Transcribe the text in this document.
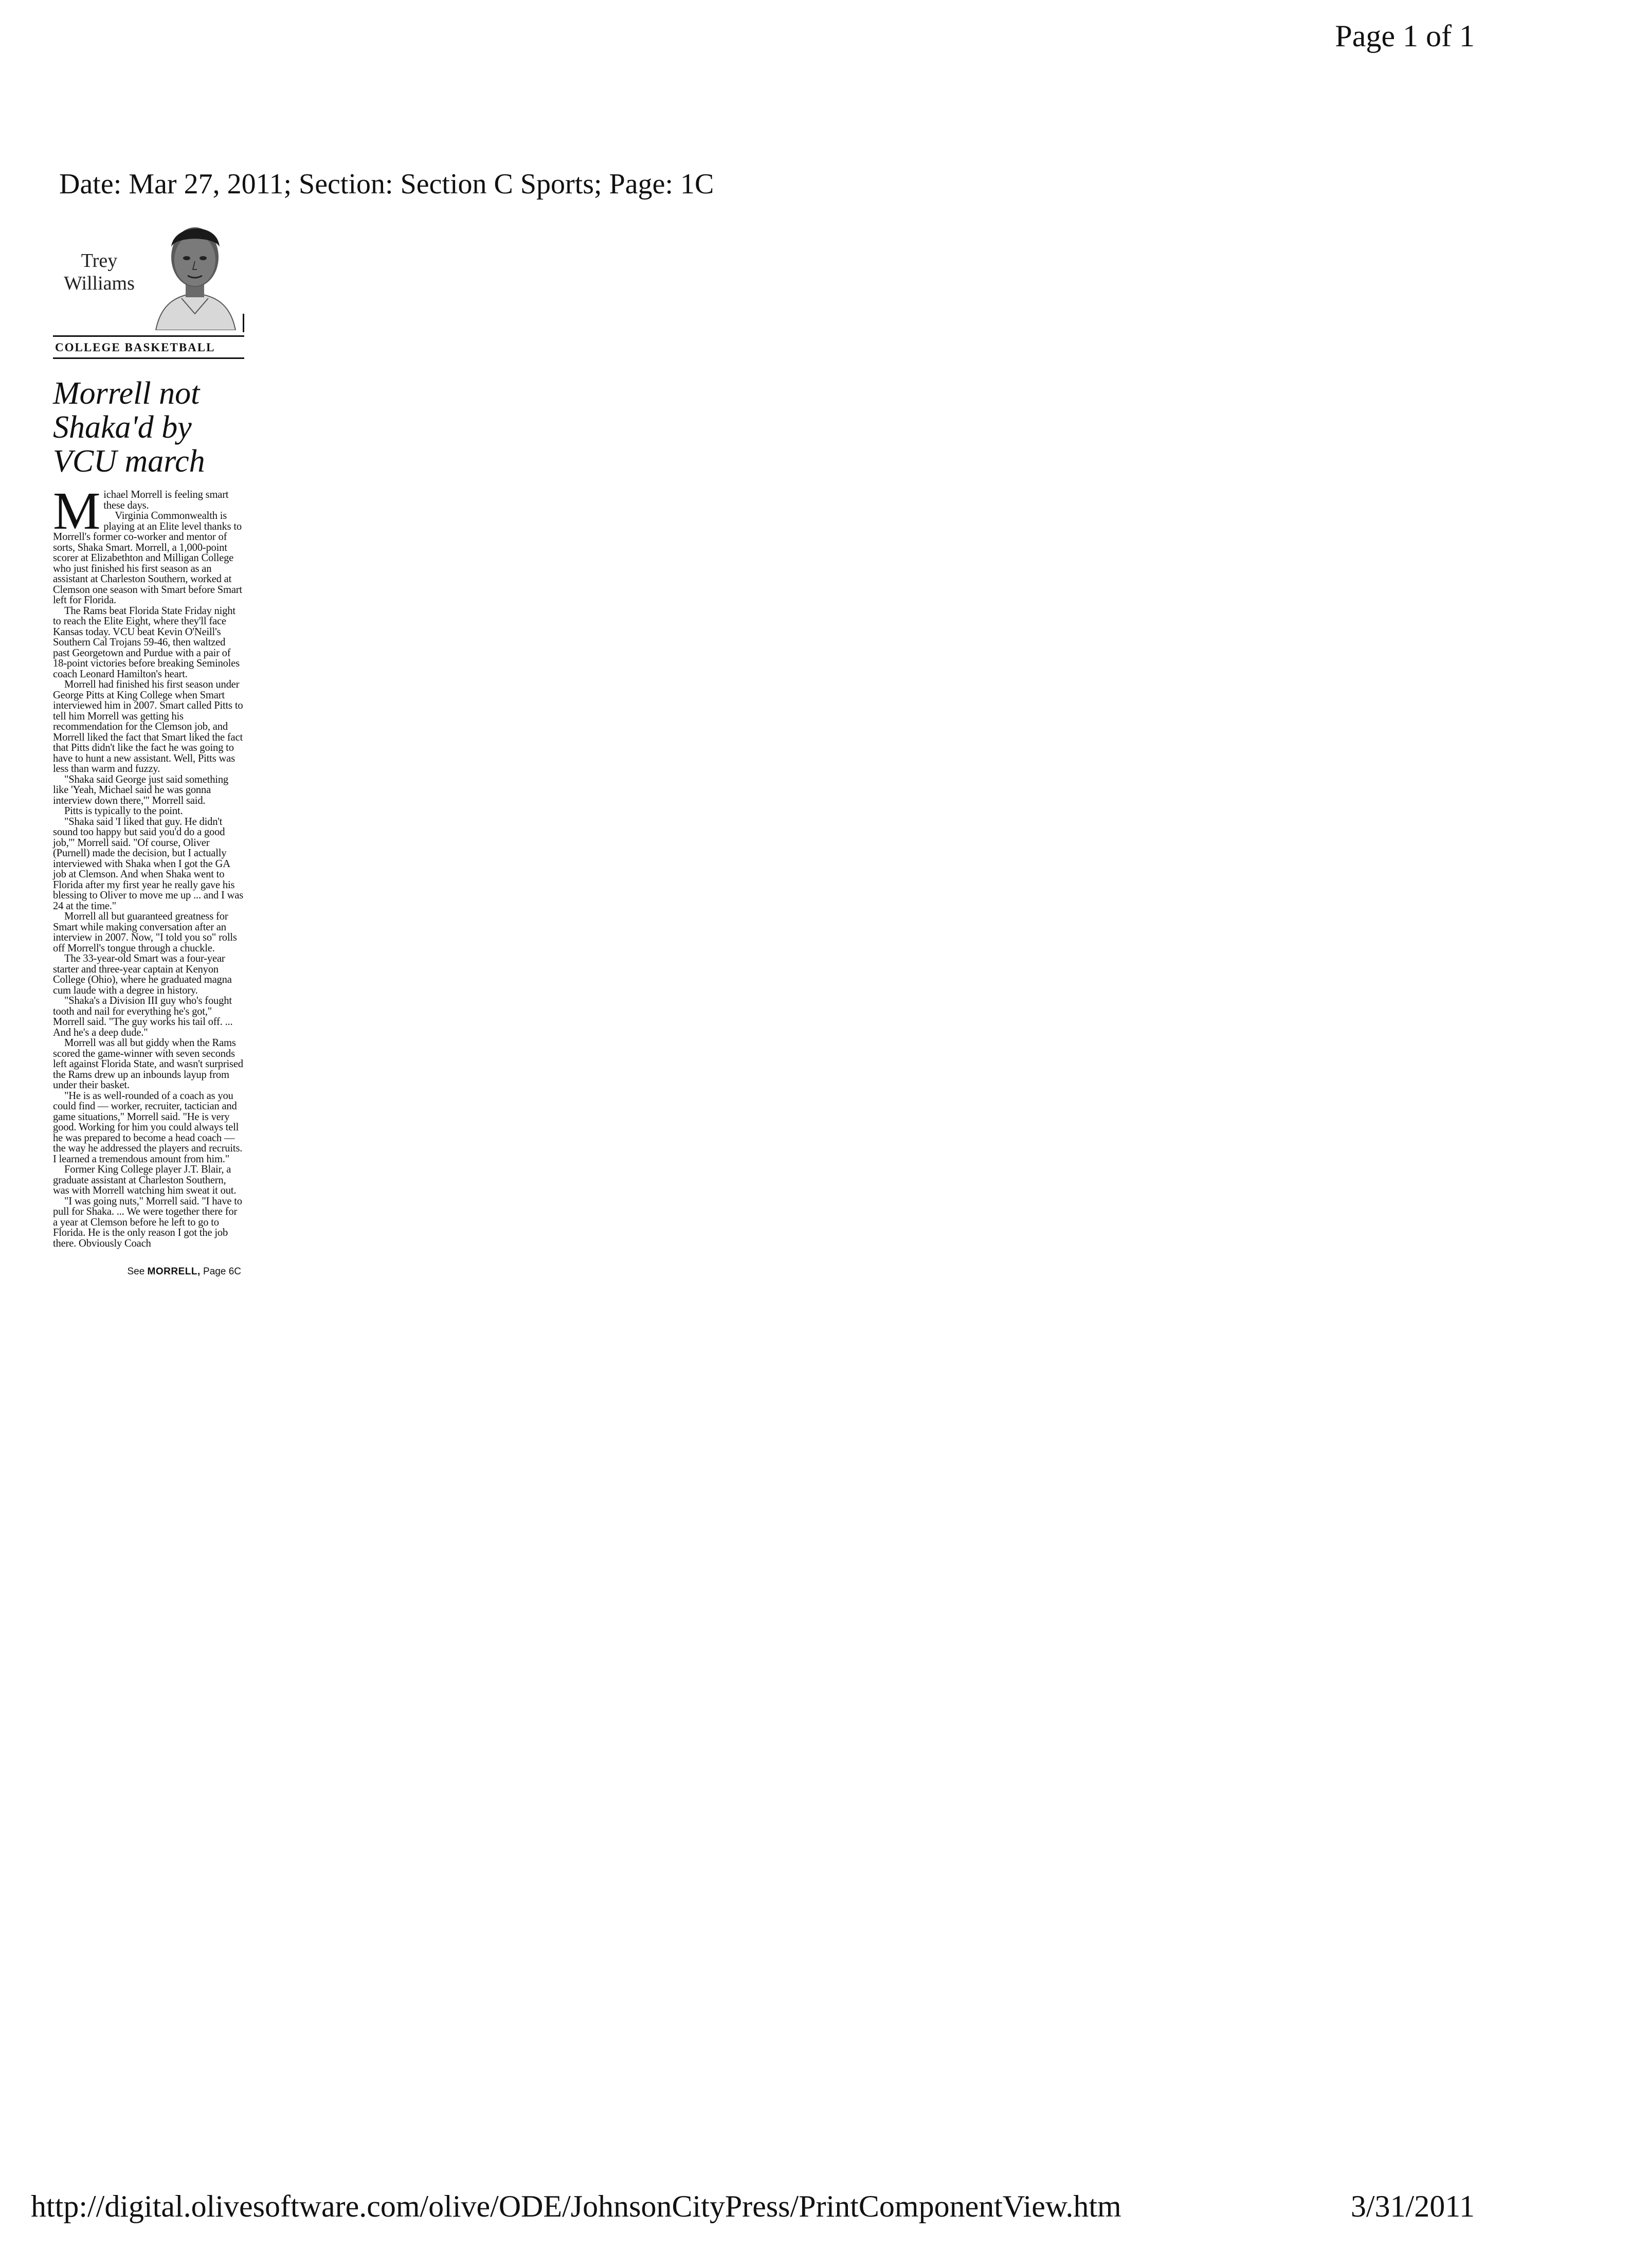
Page 1 of 1
Date: Mar 27, 2011; Section: Section C Sports; Page: 1C
Trey
Williams
COLLEGE BASKETBALL
Morrell not Shaka'd by VCU march
M ichael Morrell is feeling smart these days.

Virginia Commonwealth is playing at an Elite level thanks to Morrell's former co-worker and mentor of sorts, Shaka Smart. Morrell, a 1,000-point scorer at Elizabethton and Milligan College who just finished his first season as an assistant at Charleston Southern, worked at Clemson one season with Smart before Smart left for Florida.

The Rams beat Florida State Friday night to reach the Elite Eight, where they'll face Kansas today. VCU beat Kevin O'Neill's Southern Cal Trojans 59-46, then waltzed past Georgetown and Purdue with a pair of 18-point victories before breaking Seminoles coach Leonard Hamilton's heart.

Morrell had finished his first season under George Pitts at King College when Smart interviewed him in 2007. Smart called Pitts to tell him Morrell was getting his recommendation for the Clemson job, and Morrell liked the fact that Smart liked the fact that Pitts didn't like the fact he was going to have to hunt a new assistant. Well, Pitts was less than warm and fuzzy.

"Shaka said George just said something like 'Yeah, Michael said he was gonna interview down there,'" Morrell said.

Pitts is typically to the point.

"Shaka said 'I liked that guy. He didn't sound too happy but said you'd do a good job,'" Morrell said. "Of course, Oliver (Purnell) made the decision, but I actually interviewed with Shaka when I got the GA job at Clemson. And when Shaka went to Florida after my first year he really gave his blessing to Oliver to move me up ... and I was 24 at the time."

Morrell all but guaranteed greatness for Smart while making conversation after an interview in 2007. Now, "I told you so" rolls off Morrell's tongue through a chuckle.

The 33-year-old Smart was a four-year starter and three-year captain at Kenyon College (Ohio), where he graduated magna cum laude with a degree in history.

"Shaka's a Division III guy who's fought tooth and nail for everything he's got," Morrell said. "The guy works his tail off. ... And he's a deep dude."

Morrell was all but giddy when the Rams scored the game-winner with seven seconds left against Florida State, and wasn't surprised the Rams drew up an inbounds layup from under their basket.

"He is as well-rounded of a coach as you could find — worker, recruiter, tactician and game situations," Morrell said. "He is very good. Working for him you could always tell he was prepared to become a head coach — the way he addressed the players and recruits. I learned a tremendous amount from him."

Former King College player J.T. Blair, a graduate assistant at Charleston Southern, was with Morrell watching him sweat it out.

"I was going nuts," Morrell said. "I have to pull for Shaka. ... We were together there for a year at Clemson before he left to go to Florida. He is the only reason I got the job there. Obviously Coach

See MORRELL, Page 6C
http://digital.olivesoftware.com/olive/ODE/JohnsonCityPress/PrintComponentView.htm	3/31/2011
